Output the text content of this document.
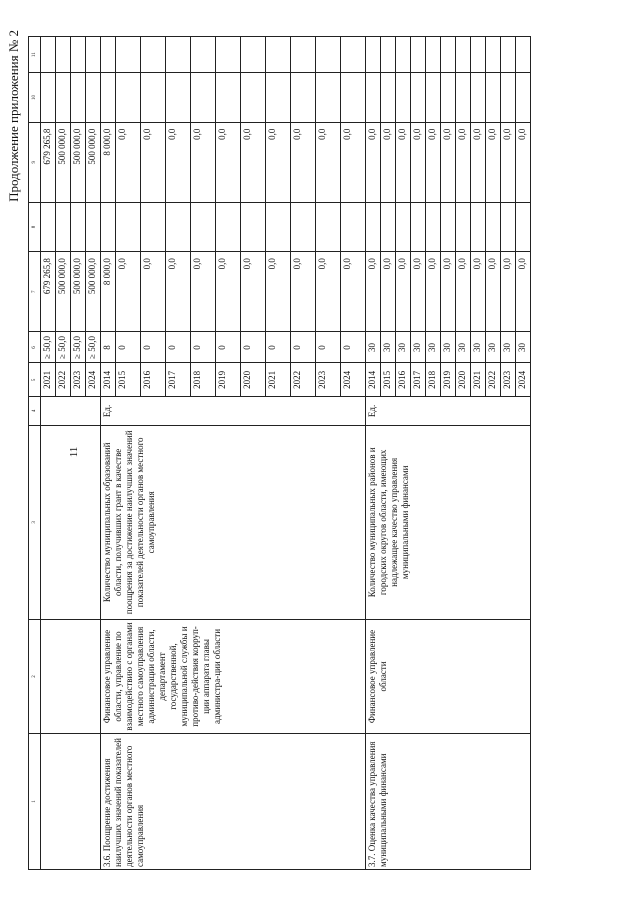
11
Продолжение приложения № 2
1	2	3	4	5	6	7	8	9	10	11
				2021	≥ 50,0	679 265,8		679 265,8		
				2022	≥ 50,0	500 000,0		500 000,0		
				2023	≥ 50,0	500 000,0		500 000,0		
				2024	≥ 50,0	500 000,0		500 000,0		
3.6. Поощрение достижения наилучших значений показателей деятельности органов местного самоуправления	Финансовое управление области, управление по взаимодействию с органами местного самоуправления администрации области, департамент государственной, муниципальной службы и противо-действия корруп-ции аппарата главы администра-ции области	Количество муниципальных образований области, получивших грант в качестве поощрения за достижение наилучших значений показателей деятельности органов местного самоуправления	Ед.	2014	8	8 000,0		8 000,0		
				2015	0	0,0		0,0		
				2016	0	0,0		0,0		
				2017	0	0,0		0,0		
				2018	0	0,0		0,0		
				2019	0	0,0		0,0		
				2020	0	0,0		0,0		
				2021	0	0,0		0,0		
				2022	0	0,0		0,0		
				2023	0	0,0		0,0		
				2024	0	0,0		0,0		
3.7. Оценка качества управления муниципальными финансами	Финансовое управление области	Количество муниципальных районов и городских округов области, имеющих надлежащее качество управления муниципальными финансами	Ед.	2014	30	0,0		0,0		
				2015	30	0,0		0,0		
				2016	30	0,0		0,0		
				2017	30	0,0		0,0		
				2018	30	0,0		0,0		
				2019	30	0,0		0,0		
				2020	30	0,0		0,0		
				2021	30	0,0		0,0		
				2022	30	0,0		0,0		
				2023	30	0,0		0,0		
				2024	30	0,0		0,0		
